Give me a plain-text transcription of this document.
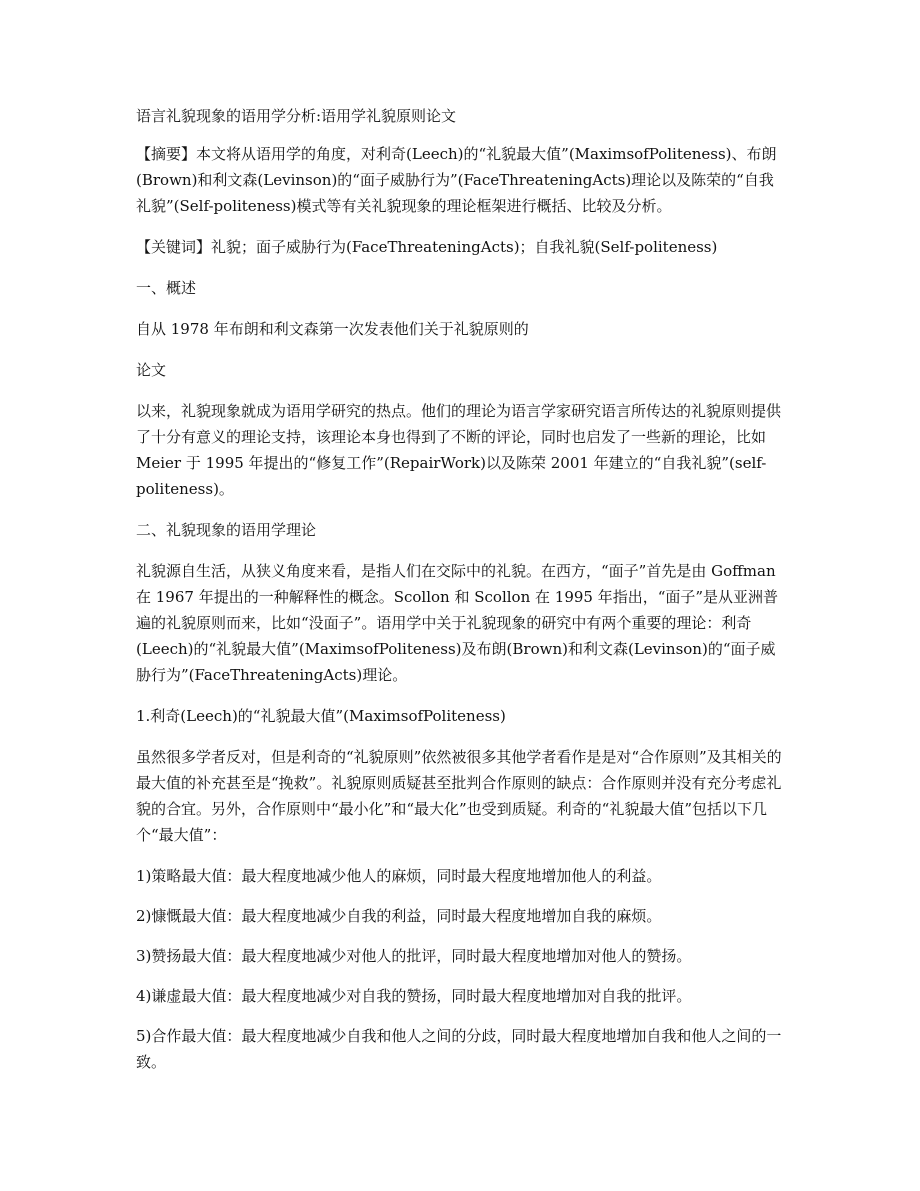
语言礼貌现象的语用学分析:语用学礼貌原则论文

【摘要】本文将从语用学的角度，对利奇(Leech)的“礼貌最大值”(MaximsofPoliteness)、布朗(Brown)和利文森(Levinson)的“面子威胁行为”(FaceThreateningActs)理论以及陈荣的“自我礼貌”(Self-politeness)模式等有关礼貌现象的理论框架进行概括、比较及分析。

【关键词】礼貌；面子威胁行为(FaceThreateningActs)；自我礼貌(Self-politeness)

一、概述

自从 1978 年布朗和利文森第一次发表他们关于礼貌原则的

论文

以来，礼貌现象就成为语用学研究的热点。他们的理论为语言学家研究语言所传达的礼貌原则提供了十分有意义的理论支持，该理论本身也得到了不断的评论，同时也启发了一些新的理论，比如 Meier 于 1995 年提出的“修复工作”(RepairWork)以及陈荣 2001 年建立的“自我礼貌”(self-politeness)。

二、礼貌现象的语用学理论

礼貌源自生活，从狭义角度来看，是指人们在交际中的礼貌。在西方，“面子”首先是由 Goffman 在 1967 年提出的一种解释性的概念。Scollon 和 Scollon 在 1995 年指出，“面子”是从亚洲普遍的礼貌原则而来，比如“没面子”。语用学中关于礼貌现象的研究中有两个重要的理论：利奇(Leech)的“礼貌最大值”(MaximsofPoliteness)及布朗(Brown)和利文森(Levinson)的“面子威胁行为”(FaceThreateningActs)理论。

1.利奇(Leech)的“礼貌最大值”(MaximsofPoliteness)

虽然很多学者反对，但是利奇的“礼貌原则”依然被很多其他学者看作是是对“合作原则”及其相关的最大值的补充甚至是“挽救”。礼貌原则质疑甚至批判合作原则的缺点：合作原则并没有充分考虑礼貌的合宜。另外，合作原则中“最小化”和“最大化”也受到质疑。利奇的“礼貌最大值”包括以下几个“最大值”：

1)策略最大值：最大程度地减少他人的麻烦，同时最大程度地增加他人的利益。

2)慷慨最大值：最大程度地减少自我的利益，同时最大程度地增加自我的麻烦。

3)赞扬最大值：最大程度地减少对他人的批评，同时最大程度地增加对他人的赞扬。

4)谦虚最大值：最大程度地减少对自我的赞扬，同时最大程度地增加对自我的批评。

5)合作最大值：最大程度地减少自我和他人之间的分歧，同时最大程度地增加自我和他人之间的一致。
